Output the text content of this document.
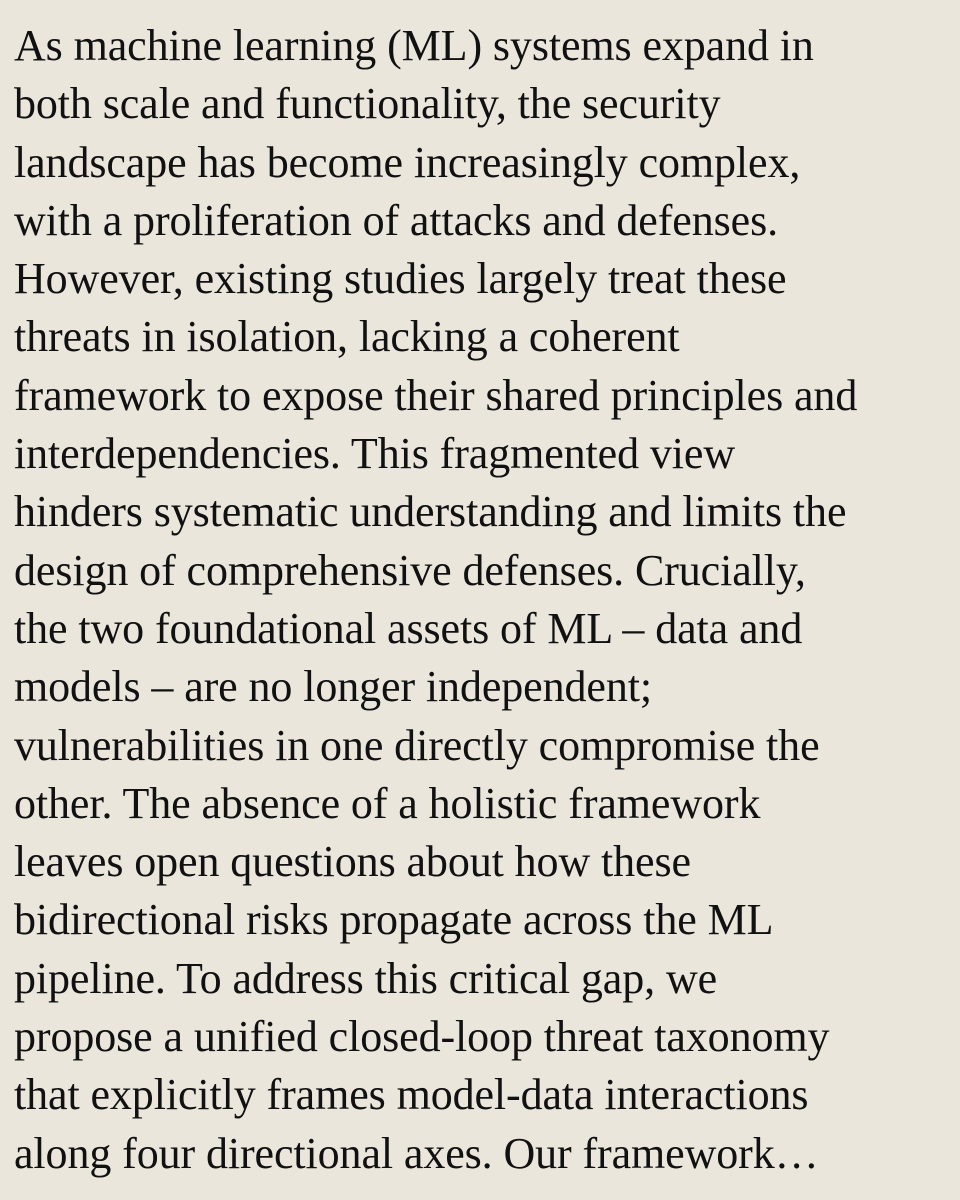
As machine learning (ML) systems expand in
both scale and functionality, the security
landscape has become increasingly complex,
with a proliferation of attacks and defenses.
However, existing studies largely treat these
threats in isolation, lacking a coherent
framework to expose their shared principles and
interdependencies. This fragmented view
hinders systematic understanding and limits the
design of comprehensive defenses. Crucially,
the two foundational assets of ML – data and
models – are no longer independent;
vulnerabilities in one directly compromise the
other. The absence of a holistic framework
leaves open questions about how these
bidirectional risks propagate across the ML
pipeline. To address this critical gap, we
propose a unified closed-loop threat taxonomy
that explicitly frames model-data interactions
along four directional axes. Our framework…
